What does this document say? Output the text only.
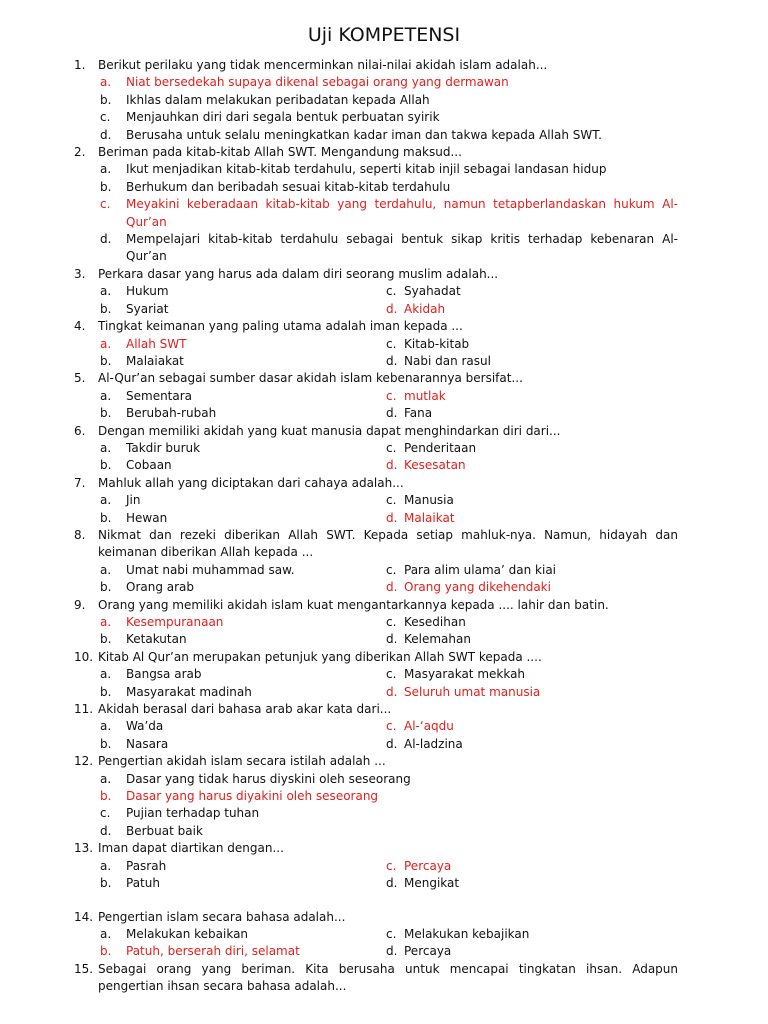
Uji KOMPETENSI
1.	Berikut perilaku yang tidak mencerminkan nilai-nilai akidah islam adalah...
a.	Niat bersedekah supaya dikenal sebagai orang yang dermawan
b.	Ikhlas dalam melakukan peribadatan kepada Allah
c.	Menjauhkan diri dari segala bentuk perbuatan syirik
d.	Berusaha untuk selalu meningkatkan kadar iman dan takwa kepada Allah SWT.
2.	Beriman pada kitab-kitab Allah SWT. Mengandung maksud...
a.	Ikut menjadikan kitab-kitab terdahulu, seperti kitab injil sebagai landasan hidup
b.	Berhukum dan beribadah sesuai kitab-kitab terdahulu
c.	Meyakini keberadaan kitab-kitab yang terdahulu, namun tetapberlandaskan hukum Al-Qur’an
d.	Mempelajari kitab-kitab terdahulu sebagai bentuk sikap kritis terhadap kebenaran Al-Qur’an
3.	Perkara dasar yang harus ada dalam diri seorang muslim adalah...
a.	Hukum	c. Syahadat
b.	Syariat	d. Akidah
4.	Tingkat keimanan yang paling utama adalah iman kepada ...
a.	Allah SWT	c. Kitab-kitab
b.	Malaiakat	d. Nabi dan rasul
5.	Al-Qur’an sebagai sumber dasar akidah islam kebenarannya bersifat...
a.	Sementara	c. mutlak
b.	Berubah-rubah	d. Fana
6.	Dengan memiliki akidah yang kuat manusia dapat menghindarkan diri dari...
a.	Takdir buruk	c. Penderitaan
b.	Cobaan	d. Kesesatan
7.	Mahluk allah yang diciptakan dari cahaya adalah...
a.	Jin	c. Manusia
b.	Hewan	d. Malaikat
8.	Nikmat dan rezeki diberikan Allah SWT. Kepada setiap mahluk-nya. Namun, hidayah dan keimanan diberikan Allah kepada ...
a.	Umat nabi muhammad saw.	c. Para alim ulama’ dan kiai
b.	Orang arab	d. Orang yang dikehendaki
9.	Orang yang memiliki akidah islam kuat mengantarkannya kepada .... lahir dan batin.
a.	Kesempuranaan	c. Kesedihan
b.	Ketakutan	d. Kelemahan
10. Kitab Al Qur’an merupakan petunjuk yang diberikan Allah SWT kepada ....
a.	Bangsa arab	c. Masyarakat mekkah
b.	Masyarakat madinah	d. Seluruh umat manusia
11. Akidah berasal dari bahasa arab akar kata dari...
a.	Wa’da	c. Al-‘aqdu
b.	Nasara	d. Al-ladzina
12. Pengertian akidah islam secara istilah adalah ...
a.	Dasar yang tidak harus diyskini oleh seseorang
b.	Dasar yang harus diyakini oleh seseorang
c.	Pujian terhadap tuhan
d.	Berbuat baik
13. Iman dapat diartikan dengan...
a.	Pasrah	c. Percaya
b.	Patuh	d. Mengikat
14. Pengertian islam secara bahasa adalah...
a.	Melakukan kebaikan	c. Melakukan kebajikan
b.	Patuh, berserah diri, selamat	d. Percaya
15. Sebagai orang yang beriman. Kita berusaha untuk mencapai tingkatan ihsan. Adapun pengertian ihsan secara bahasa adalah...
